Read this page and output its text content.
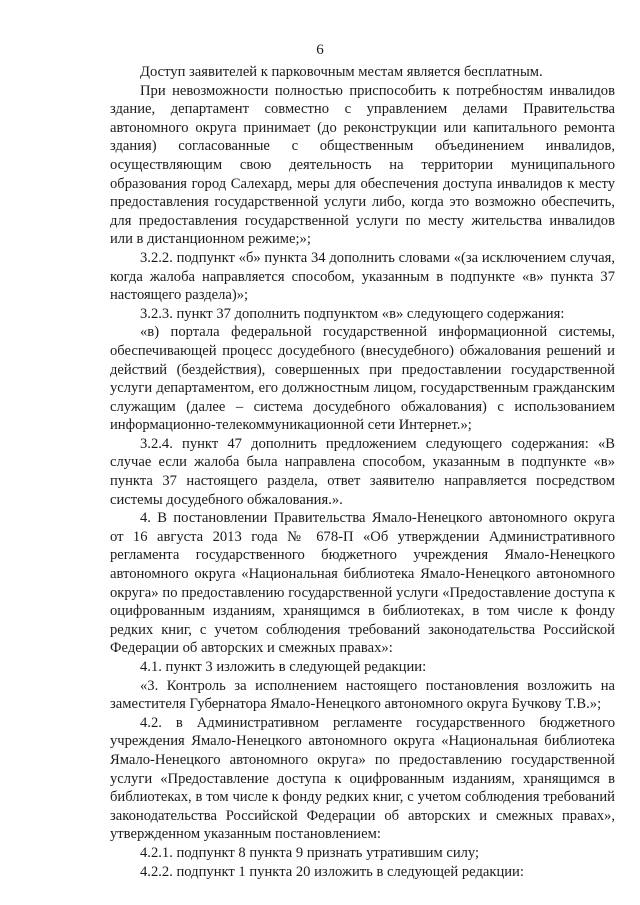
6

Доступ заявителей к парковочным местам является бесплатным.

При невозможности полностью приспособить к потребностям инвалидов здание, департамент совместно с управлением делами Правительства автономного округа принимает (до реконструкции или капитального ремонта здания) согласованные с общественным объединением инвалидов, осуществляющим свою деятельность на территории муниципального образования город Салехард, меры для обеспечения доступа инвалидов к месту предоставления государственной услуги либо, когда это возможно обеспечить, для предоставления государственной услуги по месту жительства инвалидов или в дистанционном режиме;»;

3.2.2. подпункт «б» пункта 34 дополнить словами «(за исключением случая, когда жалоба направляется способом, указанным в подпункте «в» пункта 37 настоящего раздела)»;

3.2.3. пункт 37 дополнить подпунктом «в» следующего содержания:

«в) портала федеральной государственной информационной системы, обеспечивающей процесс досудебного (внесудебного) обжалования решений и действий (бездействия), совершенных при предоставлении государственной услуги департаментом, его должностным лицом, государственным гражданским служащим (далее – система досудебного обжалования) с использованием информационно-телекоммуникационной сети Интернет.»;

3.2.4. пункт 47 дополнить предложением следующего содержания: «В случае если жалоба была направлена способом, указанным в подпункте «в» пункта 37 настоящего раздела, ответ заявителю направляется посредством системы досудебного обжалования.».

4. В постановлении Правительства Ямало-Ненецкого автономного округа от 16 августа 2013 года № 678-П «Об утверждении Административного регламента государственного бюджетного учреждения Ямало-Ненецкого автономного округа «Национальная библиотека Ямало-Ненецкого автономного округа» по предоставлению государственной услуги «Предоставление доступа к оцифрованным изданиям, хранящимся в библиотеках, в том числе к фонду редких книг, с учетом соблюдения требований законодательства Российской Федерации об авторских и смежных правах»:

4.1. пункт 3 изложить в следующей редакции:

«3. Контроль за исполнением настоящего постановления возложить на заместителя Губернатора Ямало-Ненецкого автономного округа Бучкову Т.В.»;

4.2. в Административном регламенте государственного бюджетного учреждения Ямало-Ненецкого автономного округа «Национальная библиотека Ямало-Ненецкого автономного округа» по предоставлению государственной услуги «Предоставление доступа к оцифрованным изданиям, хранящимся в библиотеках, в том числе к фонду редких книг, с учетом соблюдения требований законодательства Российской Федерации об авторских и смежных правах», утвержденном указанным постановлением:

4.2.1. подпункт 8 пункта 9 признать утратившим силу;

4.2.2. подпункт 1 пункта 20 изложить в следующей редакции:
